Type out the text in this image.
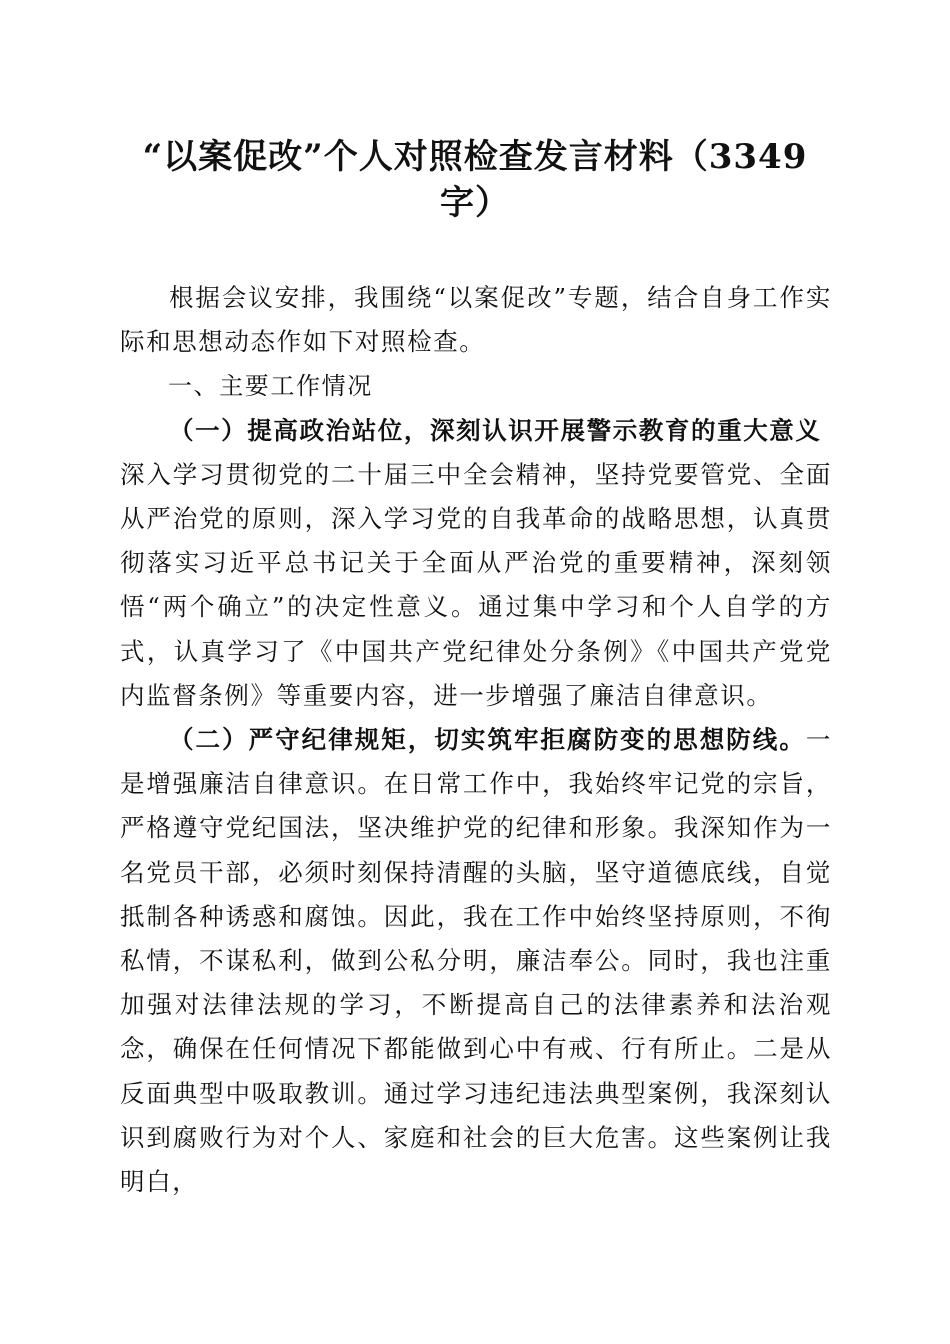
“以案促改”个人对照检查发言材料（3349字）

根据会议安排，我围绕“以案促改”专题，结合自身工作实际和思想动态作如下对照检查。

一、主要工作情况

（一）提高政治站位，深刻认识开展警示教育的重大意义

深入学习贯彻党的二十届三中全会精神，坚持党要管党、全面从严治党的原则，深入学习党的自我革命的战略思想，认真贯彻落实习近平总书记关于全面从严治党的重要精神，深刻领悟“两个确立”的决定性意义。通过集中学习和个人自学的方式，认真学习了《中国共产党纪律处分条例》《中国共产党党内监督条例》等重要内容，进一步增强了廉洁自律意识。

（二）严守纪律规矩，切实筑牢拒腐防变的思想防线。一是增强廉洁自律意识。在日常工作中，我始终牢记党的宗旨，严格遵守党纪国法，坚决维护党的纪律和形象。我深知作为一名党员干部，必须时刻保持清醒的头脑，坚守道德底线，自觉抵制各种诱惑和腐蚀。因此，我在工作中始终坚持原则，不徇私情，不谋私利，做到公私分明，廉洁奉公。同时，我也注重加强对法律法规的学习，不断提高自己的法律素养和法治观念，确保在任何情况下都能做到心中有戒、行有所止。二是从反面典型中吸取教训。通过学习违纪违法典型案例，我深刻认识到腐败行为对个人、家庭和社会的巨大危害。这些案例让我明白，
